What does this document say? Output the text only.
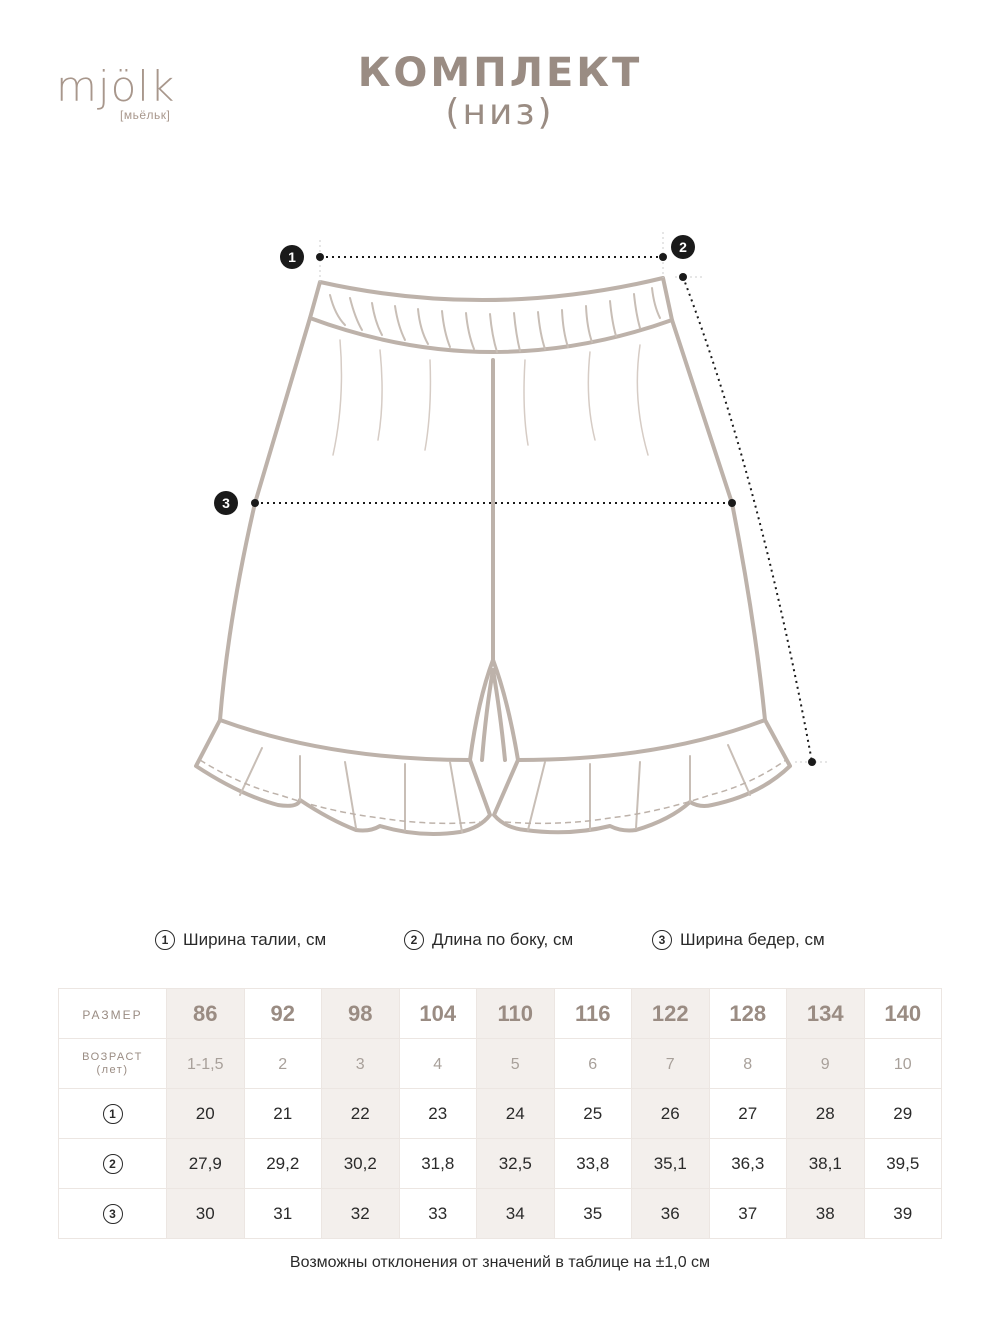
mjölk
[мьёльк]
КОМПЛЕКТ
(низ)
1
2
3
1 Ширина талии, см	2 Длина по боку, см	3 Ширина бедер, см
РАЗМЕР	86	92	98	104	110	116	122	128	134	140

ВОЗРАСТ
(лет)	1-1,5	2	3	4	5	6	7	8	9	10
1	20	21	22	23	24	25	26	27	28	29
2	27,9	29,2	30,2	31,8	32,5	33,8	35,1	36,3	38,1	39,5
3	30	31	32	33	34	35	36	37	38	39
Возможны отклонения от значений в таблице на ±1,0 см
